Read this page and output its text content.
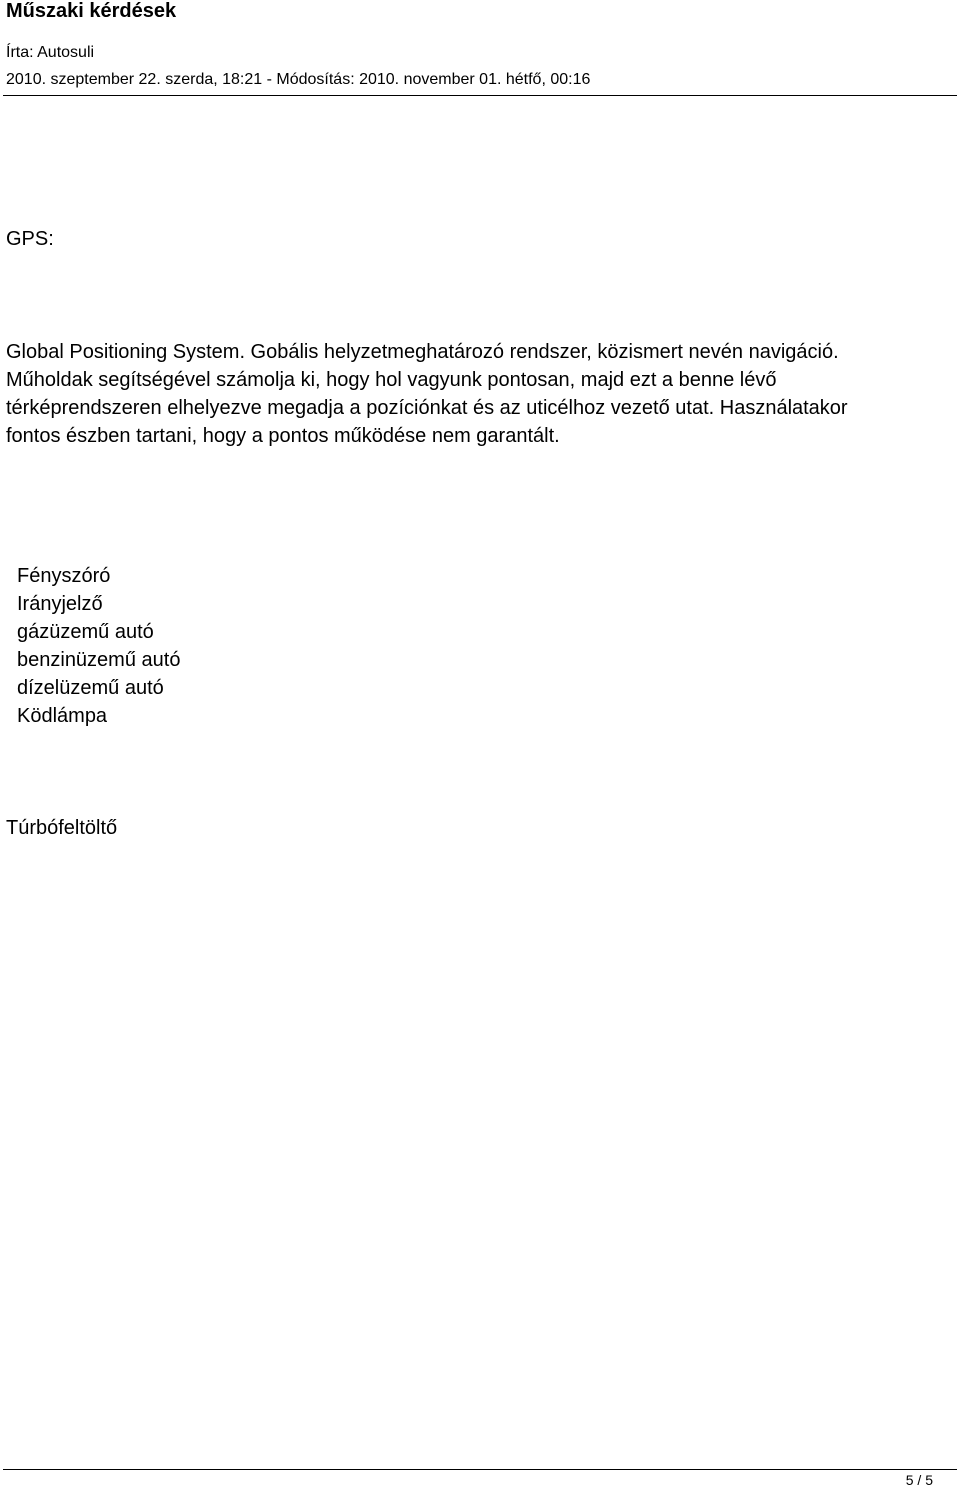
Műszaki kérdések
Írta: Autosuli
2010. szeptember 22. szerda, 18:21 - Módosítás: 2010. november 01. hétfő, 00:16
GPS:
Global Positioning System. Gobális helyzetmeghatározó rendszer, közismert nevén navigáció.
Műholdak segítségével számolja ki, hogy hol vagyunk pontosan, majd ezt a benne lévő
térképrendszeren elhelyezve megadja a pozíciónkat és az uticélhoz vezető utat. Használatakor
fontos észben tartani, hogy a pontos működése nem garantált.
Fényszóró
Irányjelző
gázüzemű autó
benzinüzemű autó
dízelüzemű autó
Ködlámpa
Túrbófeltöltő
5 / 5
